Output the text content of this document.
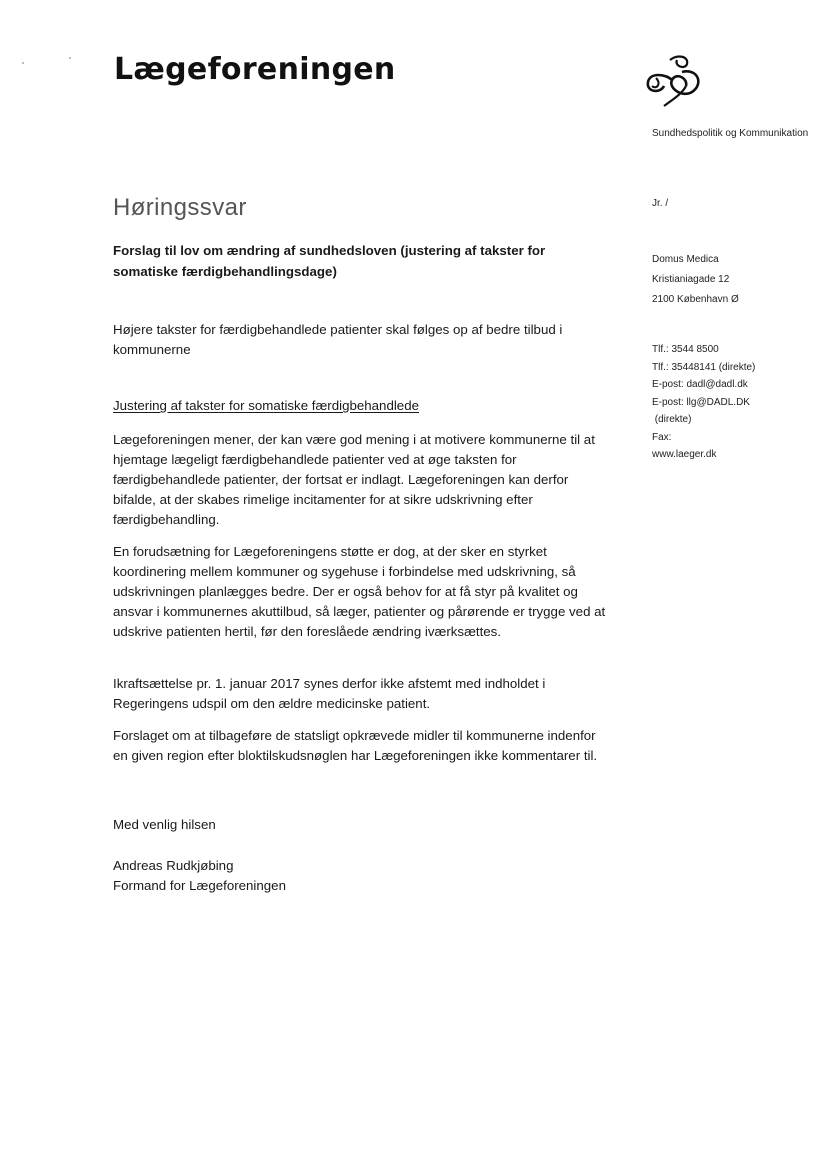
Lægeforeningen
Sundhedspolitik og Kommunikation
Jr. /
Domus Medica
Kristianiagade 12
2100 København Ø
Tlf.: 3544 8500
Tlf.: 35448141 (direkte)
E-post: dadl@dadl.dk
E-post: llg@DADL.DK
(direkte)
Fax:
www.laeger.dk
Høringssvar
Forslag til lov om ændring af sundhedsloven (justering af takster for somatiske færdigbehandlingsdage)
Højere takster for færdigbehandlede patienter skal følges op af bedre tilbud i kommunerne
Justering af takster for somatiske færdigbehandlede
Lægeforeningen mener, der kan være god mening i at motivere kommunerne til at hjemtage lægeligt færdigbehandlede patienter ved at øge taksten for færdigbehandlede patienter, der fortsat er indlagt. Lægeforeningen kan derfor bifalde, at der skabes rimelige incitamenter for at sikre udskrivning efter færdigbehandling.
En forudsætning for Lægeforeningens støtte er dog, at der sker en styrket koordinering mellem kommuner og sygehuse i forbindelse med udskrivning, så udskrivningen planlægges bedre. Der er også behov for at få styr på kvalitet og ansvar i kommunernes akuttilbud, så læger, patienter og pårørende er trygge ved at udskrive patienten hertil, før den foreslåede ændring iværksættes.
Ikraftsættelse pr. 1. januar 2017 synes derfor ikke afstemt med indholdet i Regeringens udspil om den ældre medicinske patient.
Forslaget om at tilbageføre de statsligt opkrævede midler til kommunerne indenfor en given region efter bloktilskudsnøglen har Lægeforeningen ikke kommentarer til.
Med venlig hilsen
Andreas Rudkjøbing
Formand for Lægeforeningen
